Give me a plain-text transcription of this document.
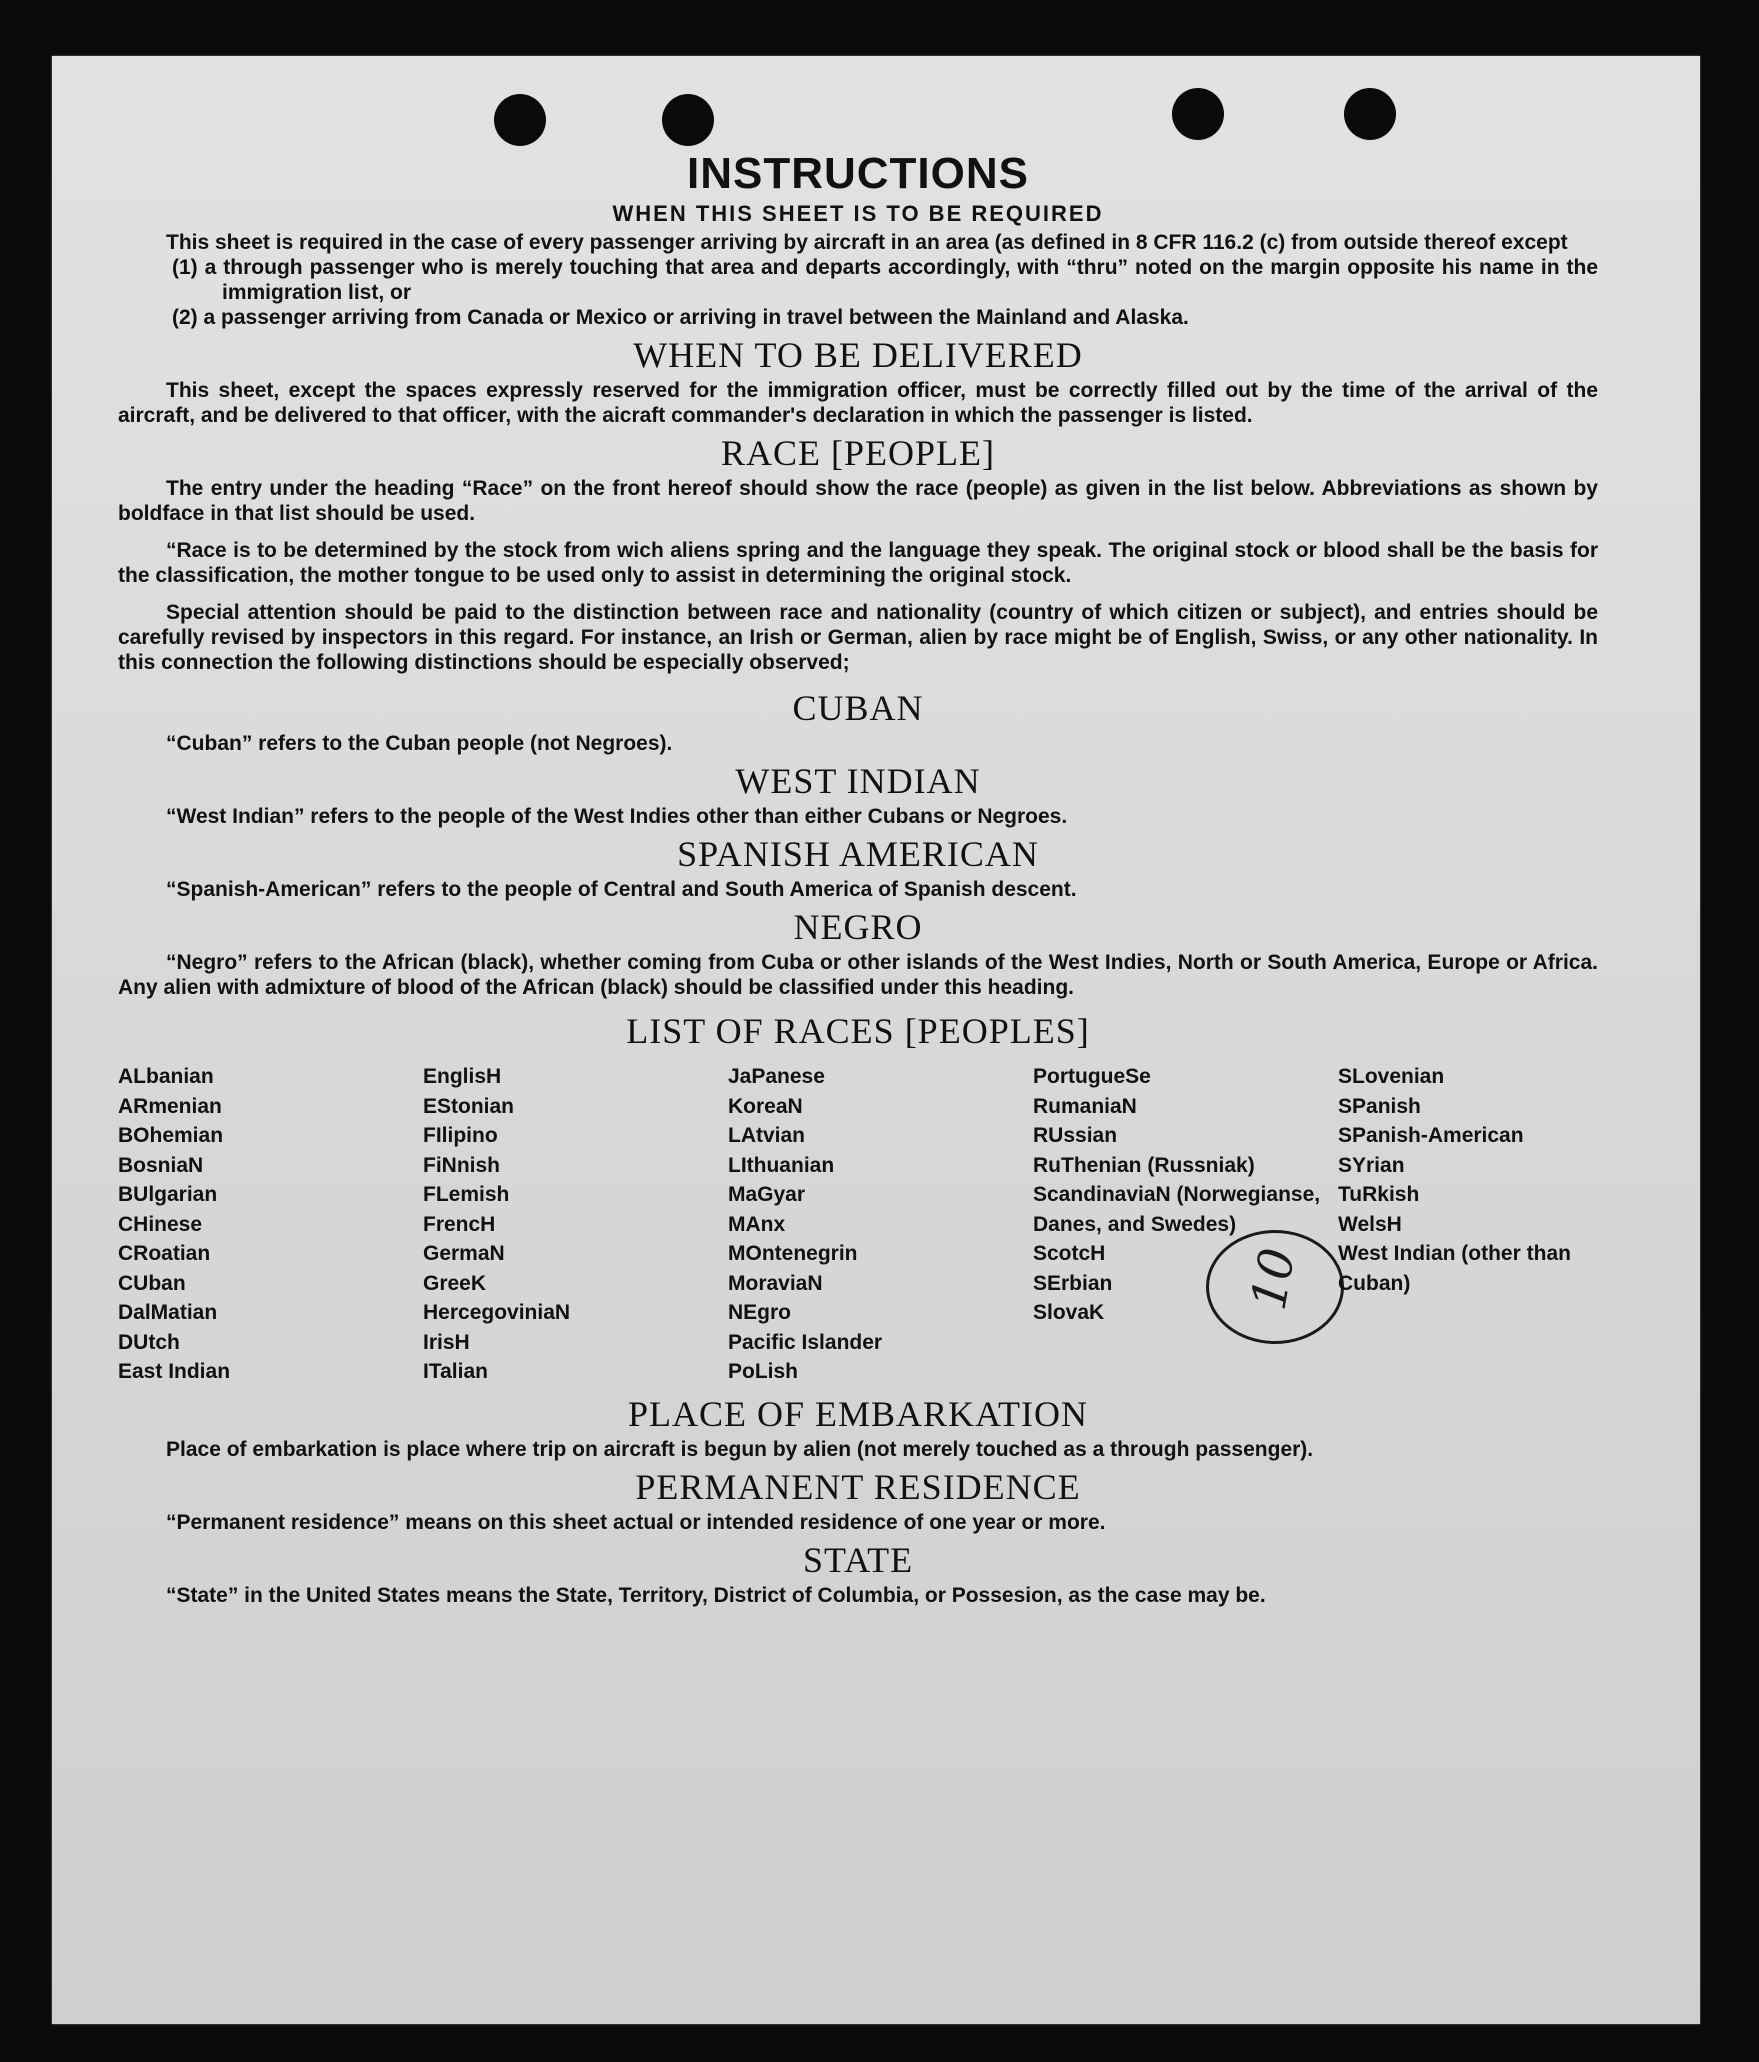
10
INSTRUCTIONS
WHEN THIS SHEET IS TO BE REQUIRED

This sheet is required in the case of every passenger arriving by aircraft in an area (as defined in 8 CFR 116.2 (c) from outside thereof except

(1) a through passenger who is merely touching that area and departs accordingly, with “thru” noted on the margin opposite his name in the immigration list, or

(2) a passenger arriving from Canada or Mexico or arriving in travel between the Mainland and Alaska.

WHEN TO BE DELIVERED

This sheet, except the spaces expressly reserved for the immigration officer, must be correctly filled out by the time of the arrival of the aircraft, and be delivered to that officer, with the aicraft commander's declaration in which the passenger is listed.

RACE [PEOPLE]

The entry under the heading “Race” on the front hereof should show the race (people) as given in the list below. Abbreviations as shown by boldface in that list should be used.

“Race is to be determined by the stock from wich aliens spring and the language they speak. The original stock or blood shall be the basis for the classification, the mother tongue to be used only to assist in determining the original stock.

Special attention should be paid to the distinction between race and nationality (country of which citizen or subject), and entries should be carefully revised by inspectors in this regard. For instance, an Irish or German, alien by race might be of English, Swiss, or any other nationality. In this connection the following distinctions should be especially observed;

CUBAN

“Cuban” refers to the Cuban people (not Negroes).

WEST INDIAN

“West Indian” refers to the people of the West Indies other than either Cubans or Negroes.

SPANISH AMERICAN

“Spanish-American” refers to the people of Central and South America of Spanish descent.

NEGRO

“Negro” refers to the African (black), whether coming from Cuba or other islands of the West Indies, North or South America, Europe or Africa. Any alien with admixture of blood of the African (black) should be classified under this heading.

LIST OF RACES [PEOPLES]
ALbanian
ARmenian
BOhemian
BosniaN
BUlgarian
CHinese
CRoatian
CUban
DalMatian
DUtch
East Indian
EnglisH
EStonian
FIlipino
FiNnish
FLemish
FrencH
GermaN
GreeK
HercegoviniaN
IrisH
ITalian
JaPanese
KoreaN
LAtvian
LIthuanian
MaGyar
MAnx
MOntenegrin
MoraviaN
NEgro
Pacific Islander
PoLish
PortugueSe
RumaniaN
RUssian
RuThenian (Russniak)
ScandinaviaN (Norwegianse, Danes, and Swedes)
ScotcH
SErbian
SlovaK
SLovenian
SPanish
SPanish-American
SYrian
TuRkish
WelsH
West Indian (other than Cuban)
PLACE OF EMBARKATION

Place of embarkation is place where trip on aircraft is begun by alien (not merely touched as a through passenger).

PERMANENT RESIDENCE

“Permanent residence” means on this sheet actual or intended residence of one year or more.

STATE

“State” in the United States means the State, Territory, District of Columbia, or Possesion, as the case may be.
